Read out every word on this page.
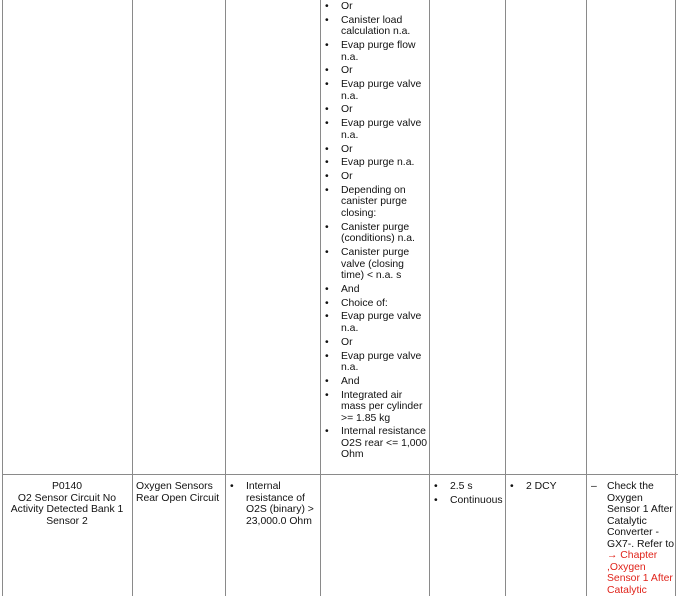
• Or
• Canister load calculation n.a.
• Evap purge flow n.a.
• Or
• Evap purge valve n.a.
• Or
• Evap purge valve n.a.
• Or
• Evap purge n.a.
• Or
• Depending on canister purge closing:
• Canister purge (conditions) n.a.
• Canister purge valve (closing time) < n.a. s
• And
• Choice of:
• Evap purge valve n.a.
• Or
• Evap purge valve n.a.
• And
• Integrated air mass per cylinder >= 1.85 kg
• Internal resistance O2S rear <= 1,000 Ohm
P0140
O2 Sensor Circuit No Activity Detected Bank 1 Sensor 2
Oxygen Sensors Rear Open Circuit
• Internal resistance of O2S (binary) > 23,000.0 Ohm
• 2.5 s
• Continuous
• 2 DCY	– Check the Oxygen Sensor 1 After Catalytic Converter - GX7-. Refer to → Chapter ,Oxygen Sensor 1 After Catalytic
